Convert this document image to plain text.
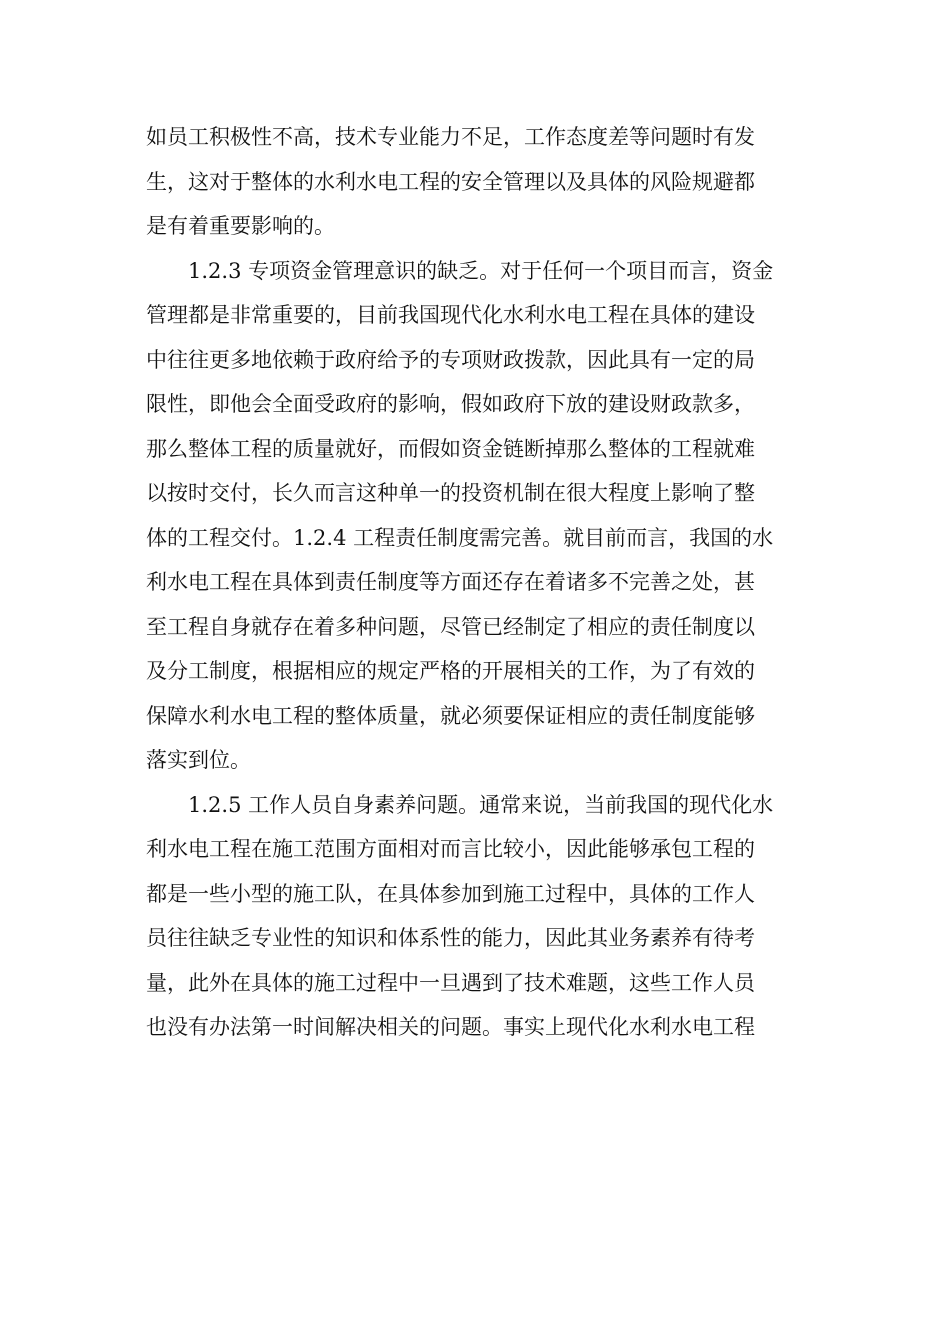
如员工积极性不高，技术专业能力不足，工作态度差等问题时有发
生，这对于整体的水利水电工程的安全管理以及具体的风险规避都
是有着重要影响的。

1.2.3 专项资金管理意识的缺乏。对于任何一个项目而言，资金
管理都是非常重要的，目前我国现代化水利水电工程在具体的建设
中往往更多地依赖于政府给予的专项财政拨款，因此具有一定的局
限性，即他会全面受政府的影响，假如政府下放的建设财政款多，
那么整体工程的质量就好，而假如资金链断掉那么整体的工程就难
以按时交付，长久而言这种单一的投资机制在很大程度上影响了整
体的工程交付。1.2.4 工程责任制度需完善。就目前而言，我国的水
利水电工程在具体到责任制度等方面还存在着诸多不完善之处，甚
至工程自身就存在着多种问题，尽管已经制定了相应的责任制度以
及分工制度，根据相应的规定严格的开展相关的工作，为了有效的
保障水利水电工程的整体质量，就必须要保证相应的责任制度能够
落实到位。

1.2.5 工作人员自身素养问题。通常来说，当前我国的现代化水
利水电工程在施工范围方面相对而言比较小，因此能够承包工程的
都是一些小型的施工队，在具体参加到施工过程中，具体的工作人
员往往缺乏专业性的知识和体系性的能力，因此其业务素养有待考
量，此外在具体的施工过程中一旦遇到了技术难题，这些工作人员
也没有办法第一时间解决相关的问题。事实上现代化水利水电工程
